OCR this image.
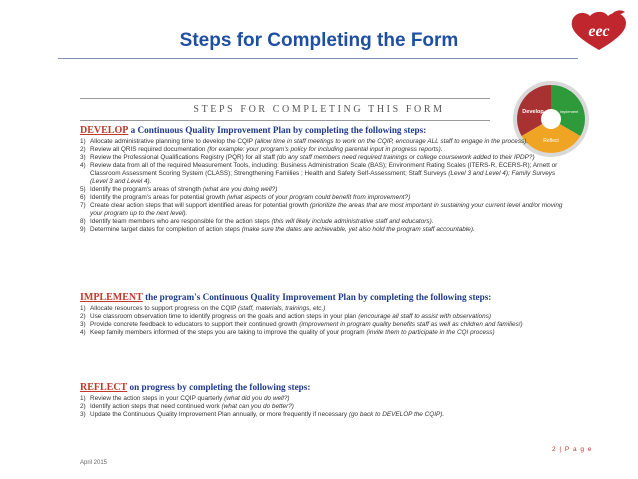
Steps for Completing the Form	eec
STEPS FOR COMPLETING THIS FORM	Develop	Implement
Reflect
DEVELOP a Continuous Quality Improvement Plan by completing the following steps:
1) Allocate administrative planning time to develop the CQIP (allow time in staff meetings to work on the CQIP, encourage ALL staff to engage in the process).
2) Review all QRIS required documentation (for example: your program's policy for including parental input in progress reports).
3) Review the Professional Qualifications Registry (PQR) for all staff (do any staff members need required trainings or college coursework added to their IPDP?)
4) Review data from all of the required Measurement Tools, including: Business Administration Scale (BAS); Environment Rating Scales (ITERS-R, ECERS-R); Arnett or Classroom Assessment Scoring System (CLASS); Strengthening Families ; Health and Safety Self-Assessment; Staff Surveys (Level 3 and Level 4); Family Surveys (Level 3 and Level 4).
5) Identify the program's areas of strength (what are you doing well?)
6) Identify the program's areas for potential growth (what aspects of your program could benefit from improvement?)
7) Create clear action steps that will support identified areas for potential growth (prioritize the areas that are most important in sustaining your current level and/or moving your program up to the next level).
8) Identify team members who are responsible for the action steps (this will likely include administrative staff and educators).
9) Determine target dates for completion of action steps (make sure the dates are achievable, yet also hold the program staff accountable).
IMPLEMENT the program's Continuous Quality Improvement Plan by completing the following steps:
1) Allocate resources to support progress on the CQIP (staff, materials, trainings, etc.)
2) Use classroom observation time to identify progress on the goals and action steps in your plan (encourage all staff to assist with observations)
3) Provide concrete feedback to educators to support their continued growth (improvement in program quality benefits staff as well as children and families!)
4) Keep family members informed of the steps you are taking to improve the quality of your program (invite them to participate in the CQI process)
REFLECT on progress by completing the following steps:
1) Review the action steps in your CQIP quarterly (what did you do well?)
2) Identify action steps that need continued work (what can you do better?)
3) Update the Continuous Quality Improvement Plan annually, or more frequently if necessary (go back to DEVELOP the CQIP).
2 | P a g e
April 2015
